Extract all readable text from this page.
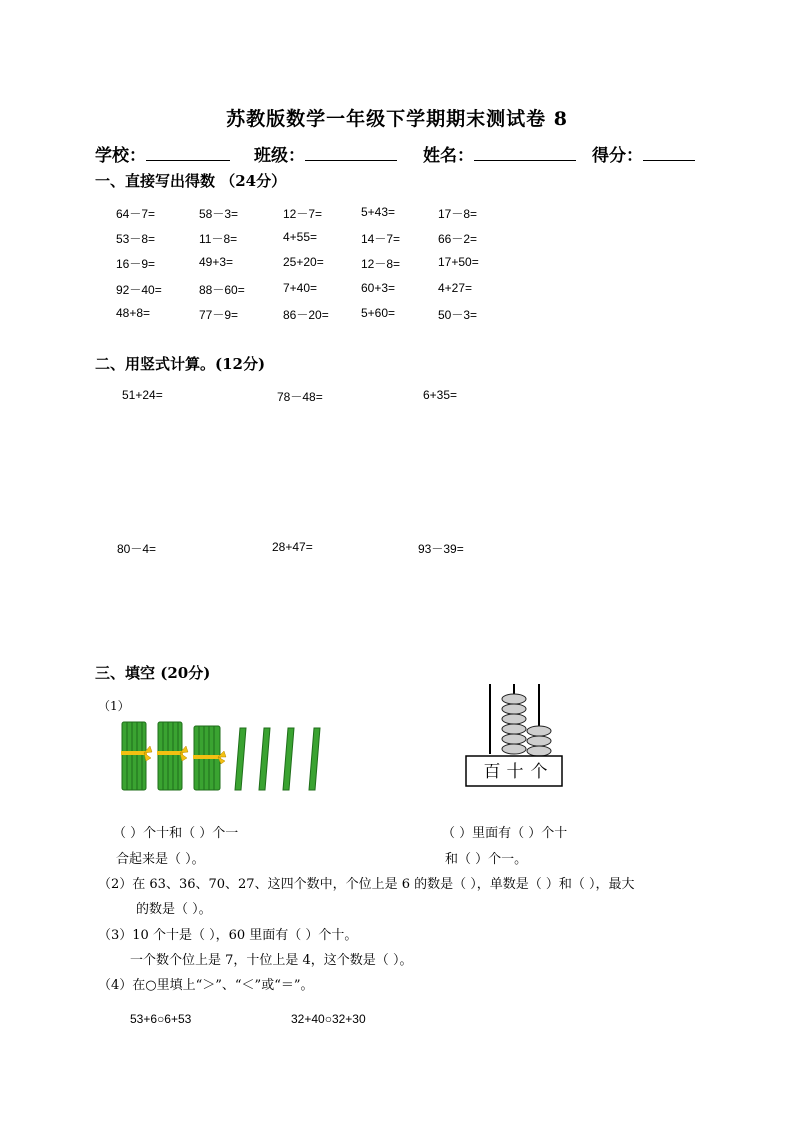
苏教版数学一年级下学期期末测试卷 8
学校：	班级：	姓名：	得分：
一、直接写出得数 （24分）
64－7=	58－3=	12－7=	5+43=	17－8=
53－8=	11－8=	4+55=	14－7=	66－2=
16－9=	49+3=	25+20=	12－8=	17+50=
92－40=	88－60=	7+40=	60+3=	4+27=
48+8=	77－9=	86－20=	5+60=	50－3=
二、用竖式计算。(12分)
51+24=	78－48=	6+35=
80－4=	28+47=	93－39=
三、填空 (20分)
（1）
百 十 个
（ ）个十和（ ）个一
合起来是（ ）。
（ ）里面有（ ）个十
和（ ）个一。
（2）在 63、36、70、27、这四个数中，个位上是 6 的数是（ ），单数是（ ）和（ ），最大
的数是（ ）。
（3）10 个十是（ ），60 里面有（ ）个十。
一个数个位上是 7，十位上是 4，这个数是（ ）。
（4）在○里填上“＞”、“＜”或“＝”。
53+6○6+53	32+40○32+30
